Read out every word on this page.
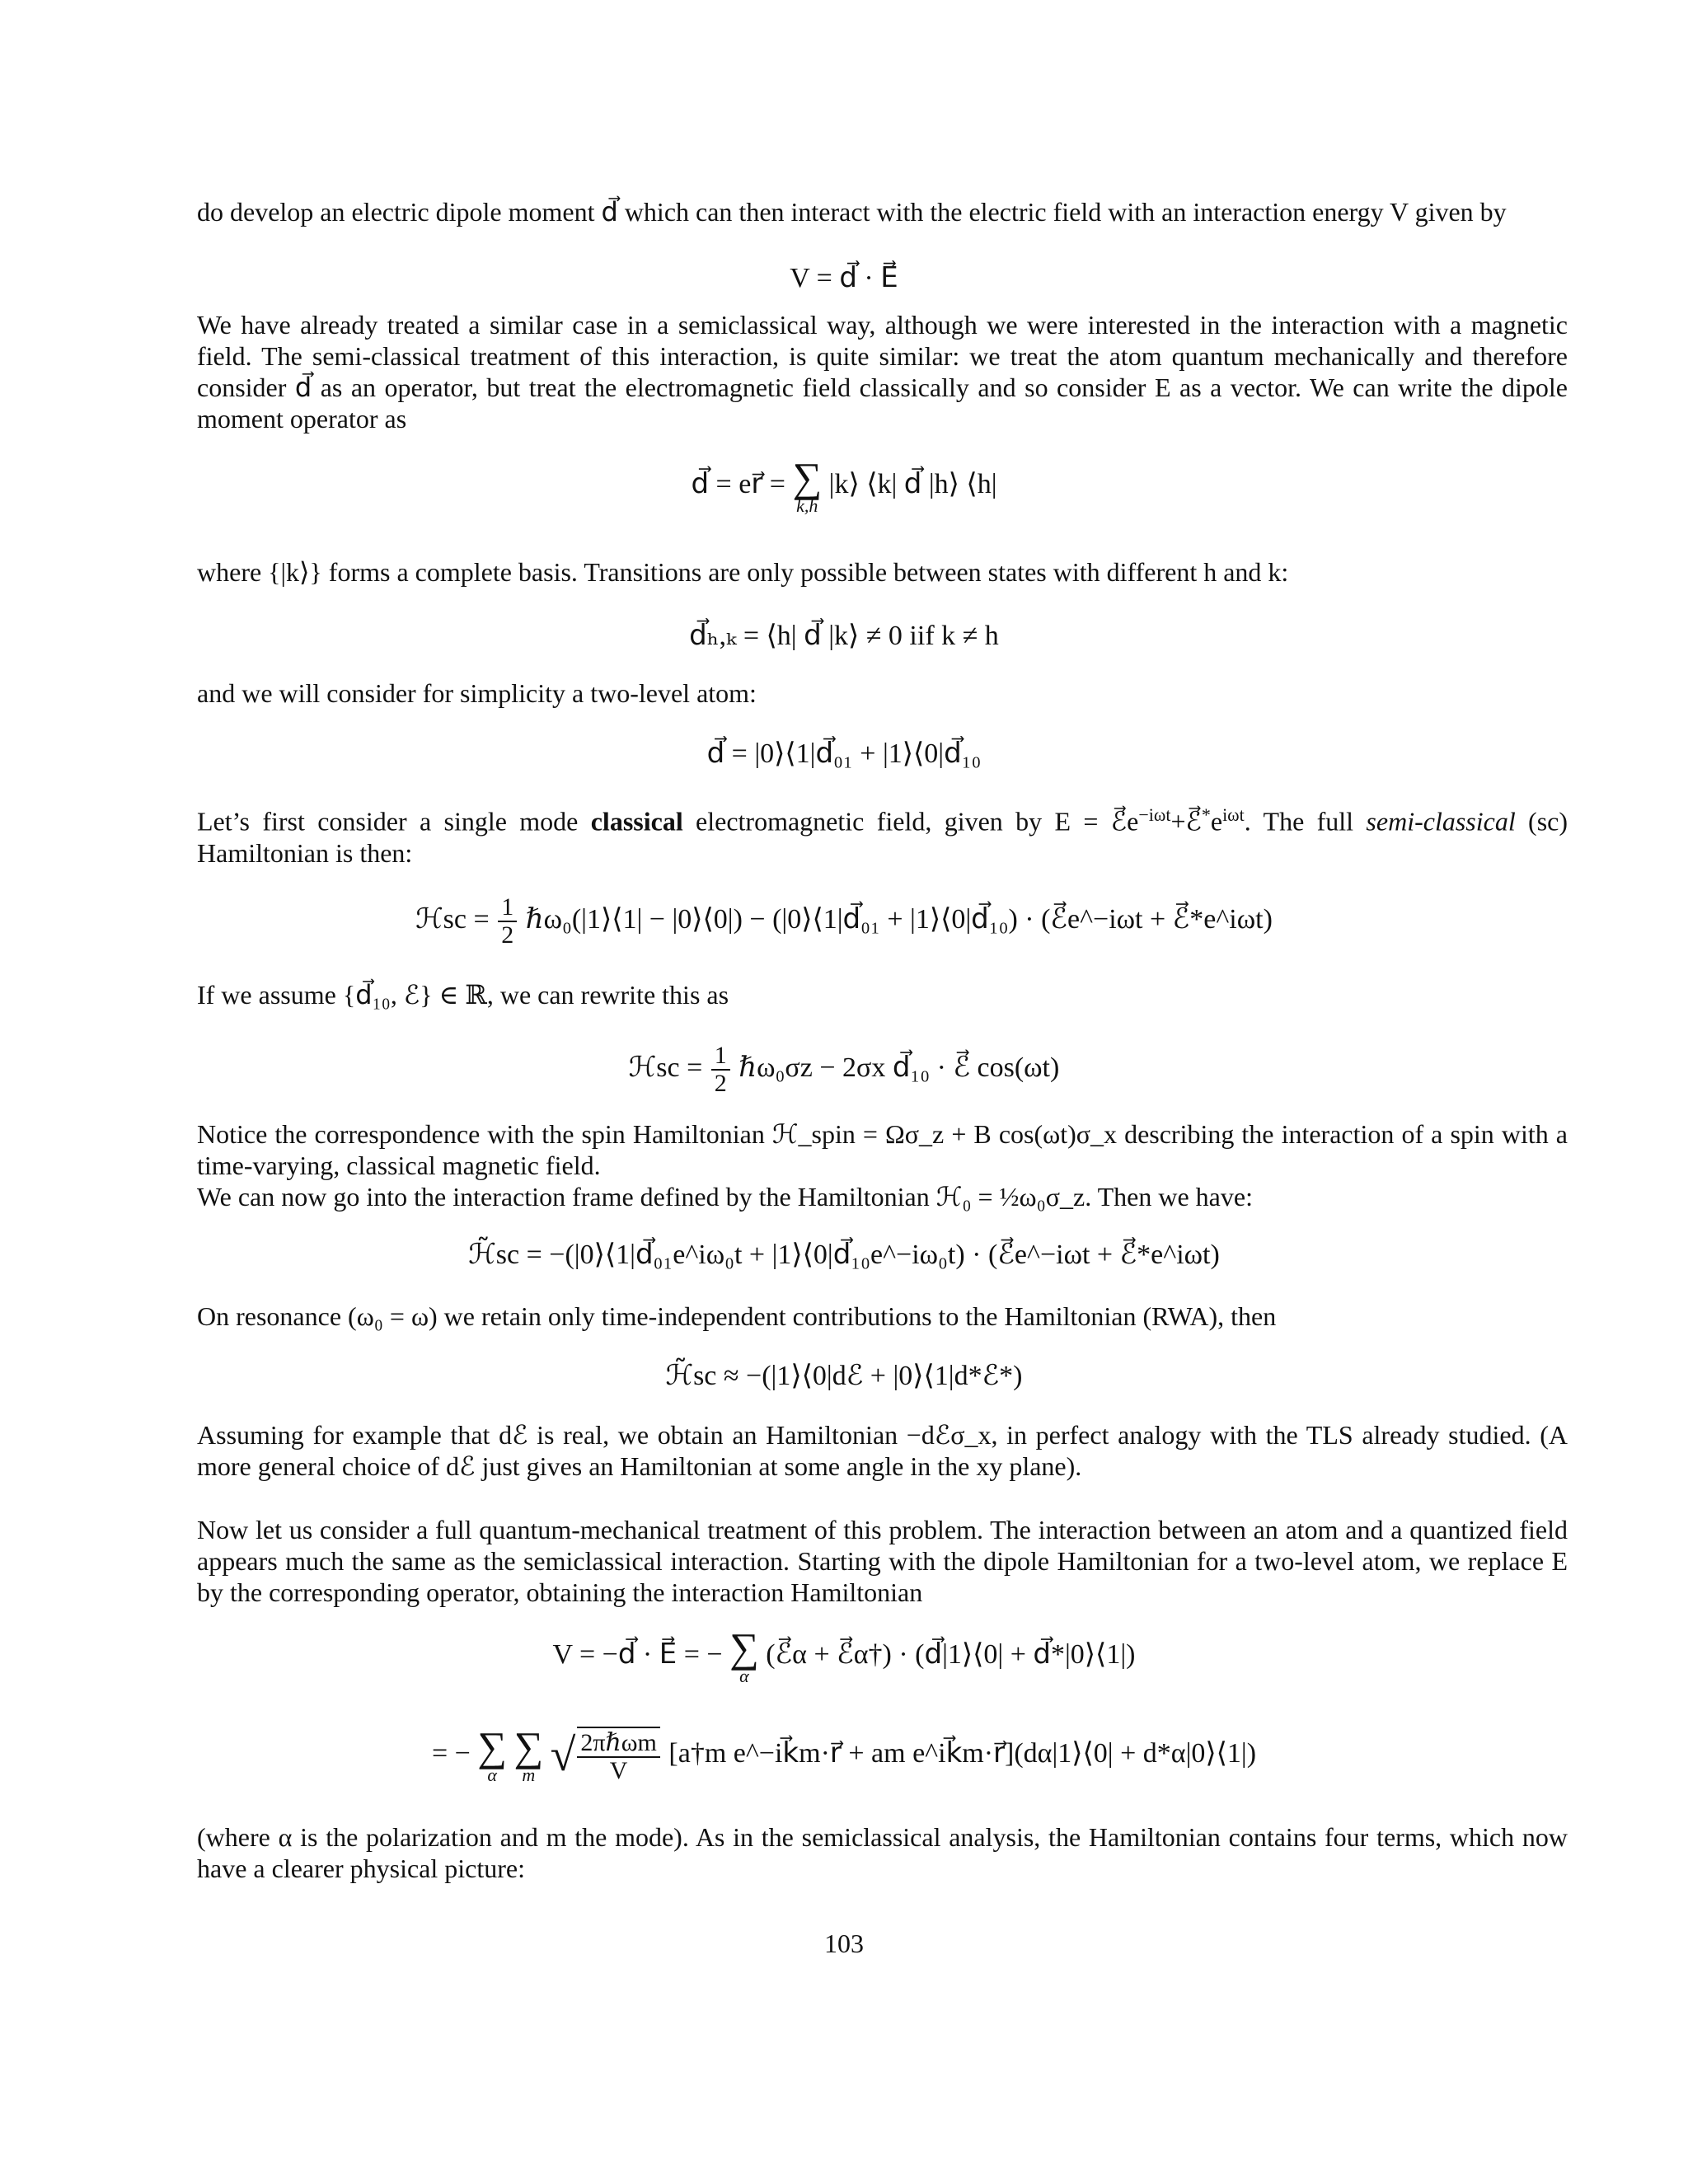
do develop an electric dipole moment d⃗ which can then interact with the electric field with an interaction energy V given by

V = d⃗ · E⃗

We have already treated a similar case in a semiclassical way, although we were interested in the interaction with a magnetic field. The semi-classical treatment of this interaction, is quite similar: we treat the atom quantum mechanically and therefore consider d⃗ as an operator, but treat the electromagnetic field classically and so consider E as a vector. We can write the dipole moment operator as

d⃗ = er⃗ = ∑
k,h
|k⟩ ⟨k| d⃗ |h⟩ ⟨h|

where {|k⟩} forms a complete basis. Transitions are only possible between states with different h and k:

d⃗ₕ,ₖ = ⟨h| d⃗ |k⟩ ≠ 0 iif k ≠ h

and we will consider for simplicity a two-level atom:

d⃗ = |0⟩⟨1|d⃗₀₁ + |1⟩⟨0|d⃗₁₀

Let’s first consider a single mode classical electromagnetic field, given by $E = ℰ⃗e^{-i\omega t}+ℰ⃗^*e^{i\omega t}$. The full semi-classical (sc) Hamiltonian is then:

ℋsc = $\frac{1}{2}$ ℏω₀(|1⟩⟨1| − |0⟩⟨0|) − (|0⟩⟨1|d⃗₀₁ + |1⟩⟨0|d⃗₁₀) · (ℰ⃗e^−iωt + ℰ⃗*e^iωt)

If we assume {d⃗₁₀, ℰ} ∈ ℝ, we can rewrite this as

ℋsc = $\frac{1}{2}$ ℏω₀σz − 2σx d⃗₁₀ · ℰ⃗ cos(ωt)

Notice the correspondence with the spin Hamiltonian ℋ_spin = Ωσ_z + B cos(ωt)σ_x describing the interaction of a spin with a time-varying, classical magnetic field.

We can now go into the interaction frame defined by the Hamiltonian ℋ₀ = ½ω₀σ_z. Then we have:

ℋ̃sc = −(|0⟩⟨1|d⃗₀₁e^iω₀t + |1⟩⟨0|d⃗₁₀e^−iω₀t) · (ℰ⃗e^−iωt + ℰ⃗*e^iωt)

On resonance (ω₀ = ω) we retain only time-independent contributions to the Hamiltonian (RWA), then

ℋ̃sc ≈ −(|1⟩⟨0|dℰ + |0⟩⟨1|d*ℰ*)

Assuming for example that dℰ is real, we obtain an Hamiltonian −dℰσ_x, in perfect analogy with the TLS already studied. (A more general choice of dℰ just gives an Hamiltonian at some angle in the xy plane).

Now let us consider a full quantum-mechanical treatment of this problem. The interaction between an atom and a quantized field appears much the same as the semiclassical interaction. Starting with the dipole Hamiltonian for a two-level atom, we replace E by the corresponding operator, obtaining the interaction Hamiltonian

V = −d⃗ · E⃗ = − ∑
α
(ℰ⃗α + ℰ⃗α†) · (d⃗|1⟩⟨0| + d⃗*|0⟩⟨1|)
= − ∑
α

∑
m √ $\frac{\text{2πℏωm}}{V}$ [a†m e^−ik⃗m·r⃗ + am e^ik⃗m·r⃗](dα|1⟩⟨0| + d*α|0⟩⟨1|)

(where α is the polarization and m the mode). As in the semiclassical analysis, the Hamiltonian contains four terms, which now have a clearer physical picture:

103
